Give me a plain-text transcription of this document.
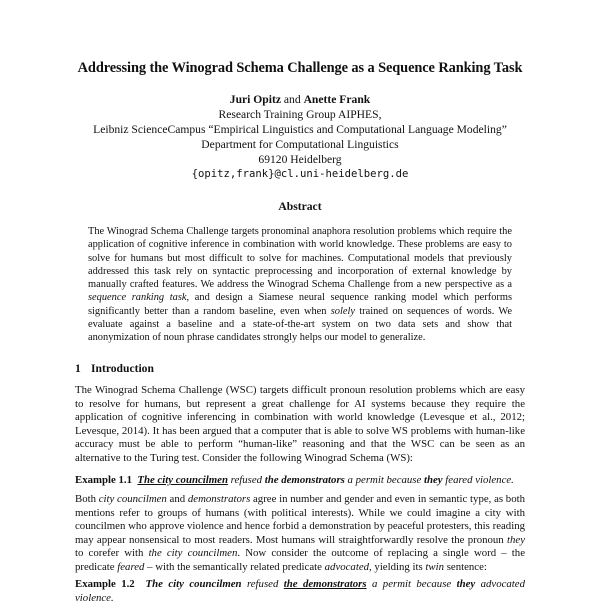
Addressing the Winograd Schema Challenge as a Sequence Ranking Task
Juri Opitz and Anette Frank
Research Training Group AIPHES,
Leibniz ScienceCampus “Empirical Linguistics and Computational Language Modeling”
Department for Computational Linguistics
69120 Heidelberg
{opitz,frank}@cl.uni-heidelberg.de
Abstract

The Winograd Schema Challenge targets pronominal anaphora resolution problems which require the application of cognitive inference in combination with world knowledge. These problems are easy to solve for humans but most difficult to solve for machines. Computational models that previously addressed this task rely on syntactic preprocessing and incorporation of external knowledge by manually crafted features. We address the Winograd Schema Challenge from a new perspective as a sequence ranking task, and design a Siamese neural sequence ranking model which performs significantly better than a random baseline, even when solely trained on sequences of words. We evaluate against a baseline and a state-of-the-art system on two data sets and show that anonymization of noun phrase candidates strongly helps our model to generalize.

1 Introduction

The Winograd Schema Challenge (WSC) targets difficult pronoun resolution problems which are easy to resolve for humans, but represent a great challenge for AI systems because they require the application of cognitive inferencing in combination with world knowledge (Levesque et al., 2012; Levesque, 2014). It has been argued that a computer that is able to solve WS problems with human-like accuracy must be able to perform “human-like” reasoning and that the WSC can be seen as an alternative to the Turing test. Consider the following Winograd Schema (WS):

Example 1.1 The city councilmen refused the demonstrators a permit because they feared violence.

Both city councilmen and demonstrators agree in number and gender and even in semantic type, as both mentions refer to groups of humans (with political interests). While we could imagine a city with councilmen who approve violence and hence forbid a demonstration by peaceful protesters, this reading may appear nonsensical to most readers. Most humans will straightforwardly resolve the pronoun they to corefer with the city councilmen. Now consider the outcome of replacing a single word – the predicate feared – with the semantically related predicate advocated, yielding its twin sentence:

Example 1.2 The city councilmen refused the demonstrators a permit because they advocated violence.
